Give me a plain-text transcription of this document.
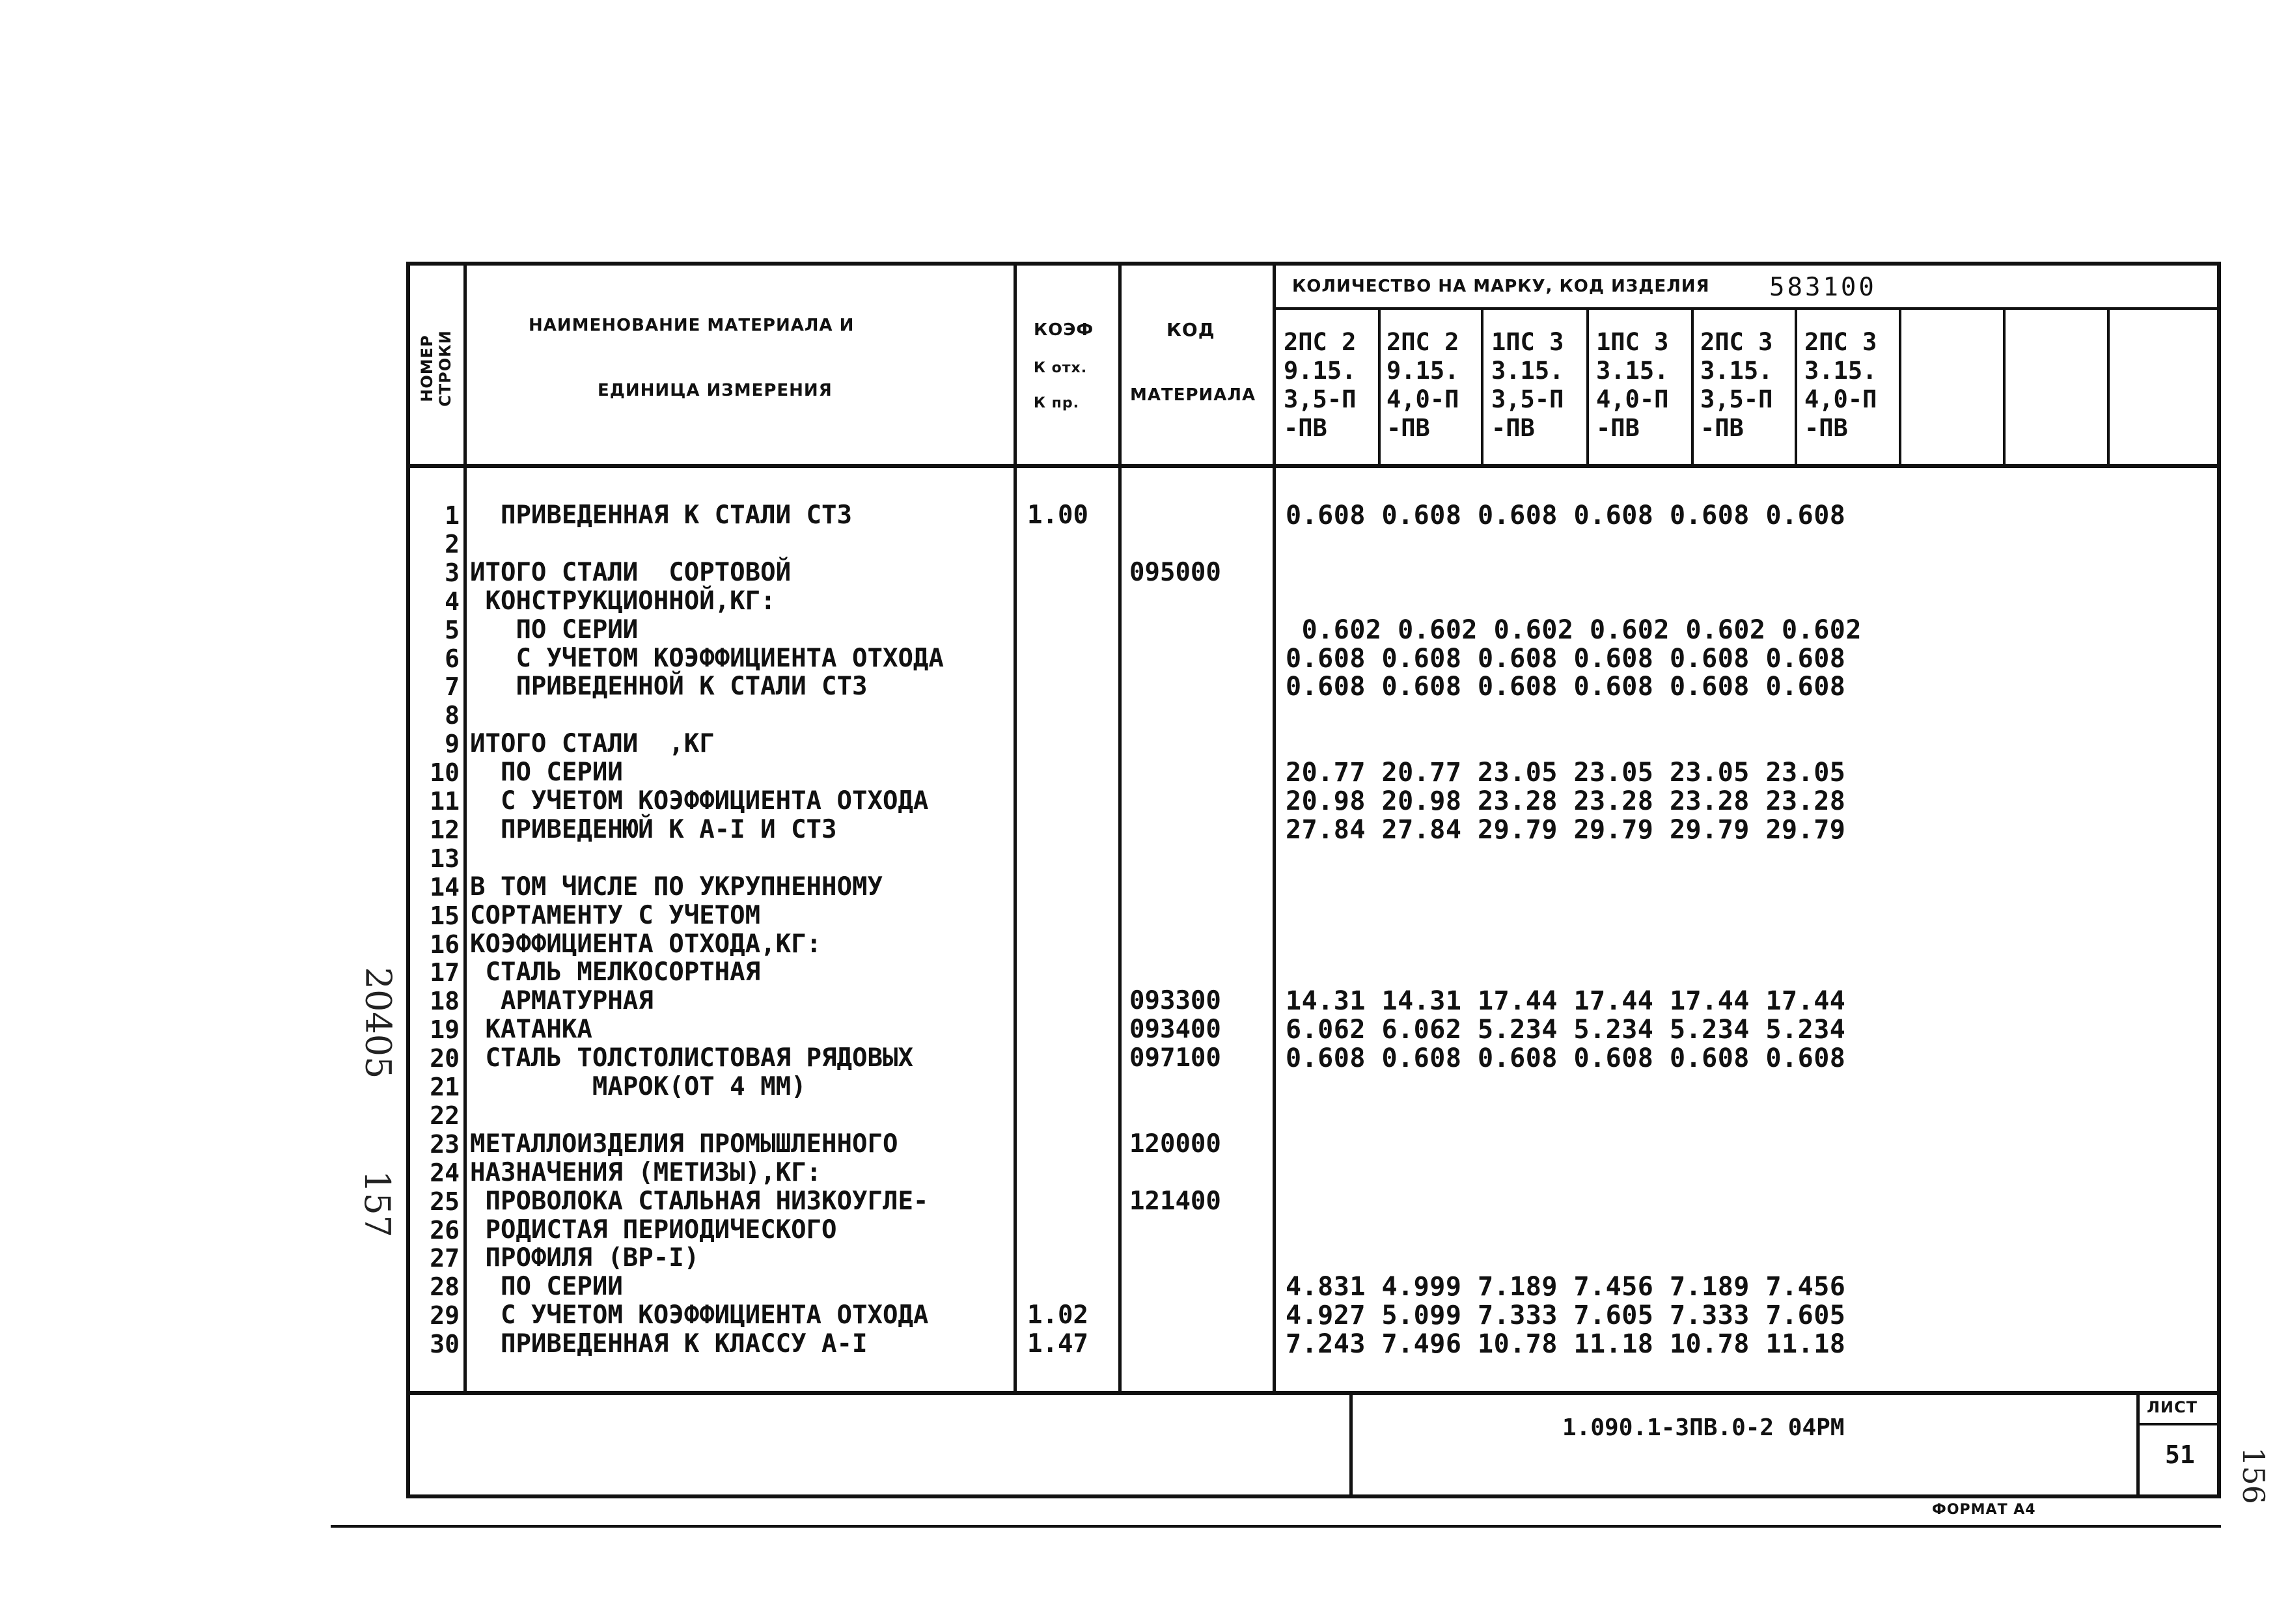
НОМЕР СТРОКИ
НАИМЕНОВАНИЕ МАТЕРИАЛА И
ЕДИНИЦА ИЗМЕРЕНИЯ
КОЭФ
К отх.
К пр.
КОД
МАТЕРИАЛА
КОЛИЧЕСТВО НА МАРКУ, КОД ИЗДЕЛИЯ 583100
2ПС 2
9.15.
3,5-П
-ПВ
2ПС 2
9.15.
4,0-П
-ПВ
1ПС 3
3.15.
3,5-П
-ПВ
1ПС 3
3.15.
4,0-П
-ПВ
2ПС 3
3.15.
3,5-П
-ПВ
2ПС 3
3.15.
4,0-П
-ПВ
1
2
3
4
5
6
7
8
9
10
11
12
13
14
15
16
17
18
19
20
21
22
23
24
25
26
27
28
29
30
ПРИВЕДЕННАЯ К СТАЛИ СТ3
ИТОГО СТАЛИ  СОРТОВОЙ
КОНСТРУКЦИОННОЙ,КГ:
ПО СЕРИИ
С УЧЕТОМ КОЭФФИЦИЕНТА ОТХОДА
ПРИВЕДЕННОЙ К СТАЛИ СТ3
ИТОГО СТАЛИ  ,КГ
ПО СЕРИИ
С УЧЕТОМ КОЭФФИЦИЕНТА ОТХОДА
ПРИВЕДЕНЮЙ К А-I И СТ3
В ТОМ ЧИСЛЕ ПО УКРУПНЕННОМУ
СОРТАМЕНТУ С УЧЕТОМ
КОЭФФИЦИЕНТА ОТХОДА,КГ:
СТАЛЬ МЕЛКОСОРТНАЯ
АРМАТУРНАЯ
КАТАНКА
СТАЛЬ ТОЛСТОЛИСТОВАЯ РЯДОВЫХ
МАРОК(ОТ 4 ММ)
МЕТАЛЛОИЗДЕЛИЯ ПРОМЫШЛЕННОГО
НАЗНАЧЕНИЯ (МЕТИЗЫ),КГ:
ПРОВОЛОКА СТАЛЬНАЯ НИЗКОУГЛЕ-
РОДИСТАЯ ПЕРИОДИЧЕСКОГО
ПРОФИЛЯ (ВР-I)
ПО СЕРИИ
С УЧЕТОМ КОЭФФИЦИЕНТА ОТХОДА
ПРИВЕДЕННАЯ К КЛАССУ А-I
1.00
1.02
1.47
095000
093300
093400
097100
120000
121400
0.608 0.608 0.608 0.608 0.608 0.608
0.602 0.602 0.602 0.602 0.602 0.602
0.608 0.608 0.608 0.608 0.608 0.608
0.608 0.608 0.608 0.608 0.608 0.608
20.77 20.77 23.05 23.05 23.05 23.05
20.98 20.98 23.28 23.28 23.28 23.28
27.84 27.84 29.79 29.79 29.79 29.79
14.31 14.31 17.44 17.44 17.44 17.44
6.062 6.062 5.234 5.234 5.234 5.234
0.608 0.608 0.608 0.608 0.608 0.608
4.831 4.999 7.189 7.456 7.189 7.456
4.927 5.099 7.333 7.605 7.333 7.605
7.243 7.496 10.78 11.18 10.78 11.18
1.090.1-3ПВ.0-2 04РМ
ЛИСТ
51
ФОРМАТ А4
20405
157
156
